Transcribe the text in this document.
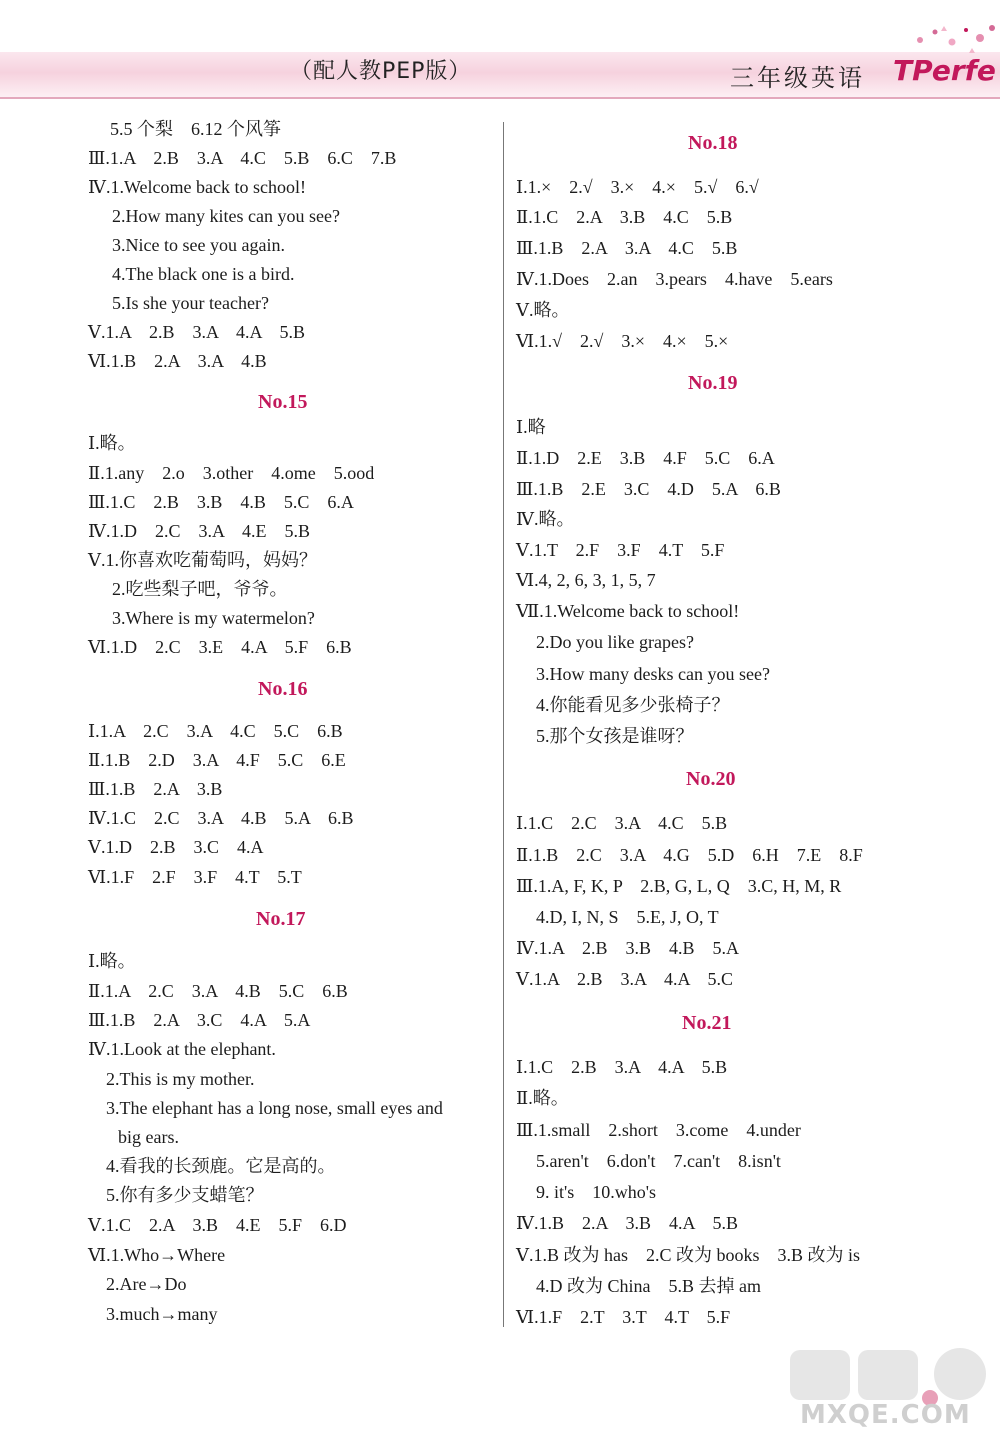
（配人教PEP版）	三年级英语 TPerfe
5.5 个梨　6.12 个风筝
Ⅲ.1.A　2.B　3.A　4.C　5.B　6.C　7.B
Ⅳ.1.Welcome back to school!
2.How many kites can you see?
3.Nice to see you again.
4.The black one is a bird.
5.Is she your teacher?
Ⅴ.1.A　2.B　3.A　4.A　5.B
Ⅵ.1.B　2.A　3.A　4.B
No.15
Ⅰ.略。
Ⅱ.1.any　2.o　3.other　4.ome　5.ood
Ⅲ.1.C　2.B　3.B　4.B　5.C　6.A
Ⅳ.1.D　2.C　3.A　4.E　5.B
Ⅴ.1.你喜欢吃葡萄吗，妈妈？
2.吃些梨子吧，爷爷。
3.Where is my watermelon?
Ⅵ.1.D　2.C　3.E　4.A　5.F　6.B
No.16
Ⅰ.1.A　2.C　3.A　4.C　5.C　6.B
Ⅱ.1.B　2.D　3.A　4.F　5.C　6.E
Ⅲ.1.B　2.A　3.B
Ⅳ.1.C　2.C　3.A　4.B　5.A　6.B
Ⅴ.1.D　2.B　3.C　4.A
Ⅵ.1.F　2.F　3.F　4.T　5.T
No.17
Ⅰ.略。
Ⅱ.1.A　2.C　3.A　4.B　5.C　6.B
Ⅲ.1.B　2.A　3.C　4.A　5.A
Ⅳ.1.Look at the elephant.
2.This is my mother.
3.The elephant has a long nose, small eyes and
big ears.
4.看我的长颈鹿。它是高的。
5.你有多少支蜡笔？
Ⅴ.1.C　2.A　3.B　4.E　5.F　6.D
Ⅵ.1.Who→Where
2.Are→Do
3.much→many
No.18
Ⅰ.1.×　2.√　3.×　4.×　5.√　6.√
Ⅱ.1.C　2.A　3.B　4.C　5.B
Ⅲ.1.B　2.A　3.A　4.C　5.B
Ⅳ.1.Does　2.an　3.pears　4.have　5.ears
Ⅴ.略。
Ⅵ.1.√　2.√　3.×　4.×　5.×
No.19
Ⅰ.略
Ⅱ.1.D　2.E　3.B　4.F　5.C　6.A
Ⅲ.1.B　2.E　3.C　4.D　5.A　6.B
Ⅳ.略。
Ⅴ.1.T　2.F　3.F　4.T　5.F
Ⅵ.4, 2, 6, 3, 1, 5, 7
Ⅶ.1.Welcome back to school!
2.Do you like grapes?
3.How many desks can you see?
4.你能看见多少张椅子？
5.那个女孩是谁呀？
No.20
Ⅰ.1.C　2.C　3.A　4.C　5.B
Ⅱ.1.B　2.C　3.A　4.G　5.D　6.H　7.E　8.F
Ⅲ.1.A, F, K, P　2.B, G, L, Q　3.C, H, M, R
4.D, I, N, S　5.E, J, O, T
Ⅳ.1.A　2.B　3.B　4.B　5.A
Ⅴ.1.A　2.B　3.A　4.A　5.C
No.21
Ⅰ.1.C　2.B　3.A　4.A　5.B
Ⅱ.略。
Ⅲ.1.small　2.short　3.come　4.under
5.aren't　6.don't　7.can't　8.isn't
9. it's　10.who's
Ⅳ.1.B　2.A　3.B　4.A　5.B
Ⅴ.1.B 改为 has　2.C 改为 books　3.B 改为 is
4.D 改为 China　5.B 去掉 am
Ⅵ.1.F　2.T　3.T　4.T　5.F
MXQE.COM
